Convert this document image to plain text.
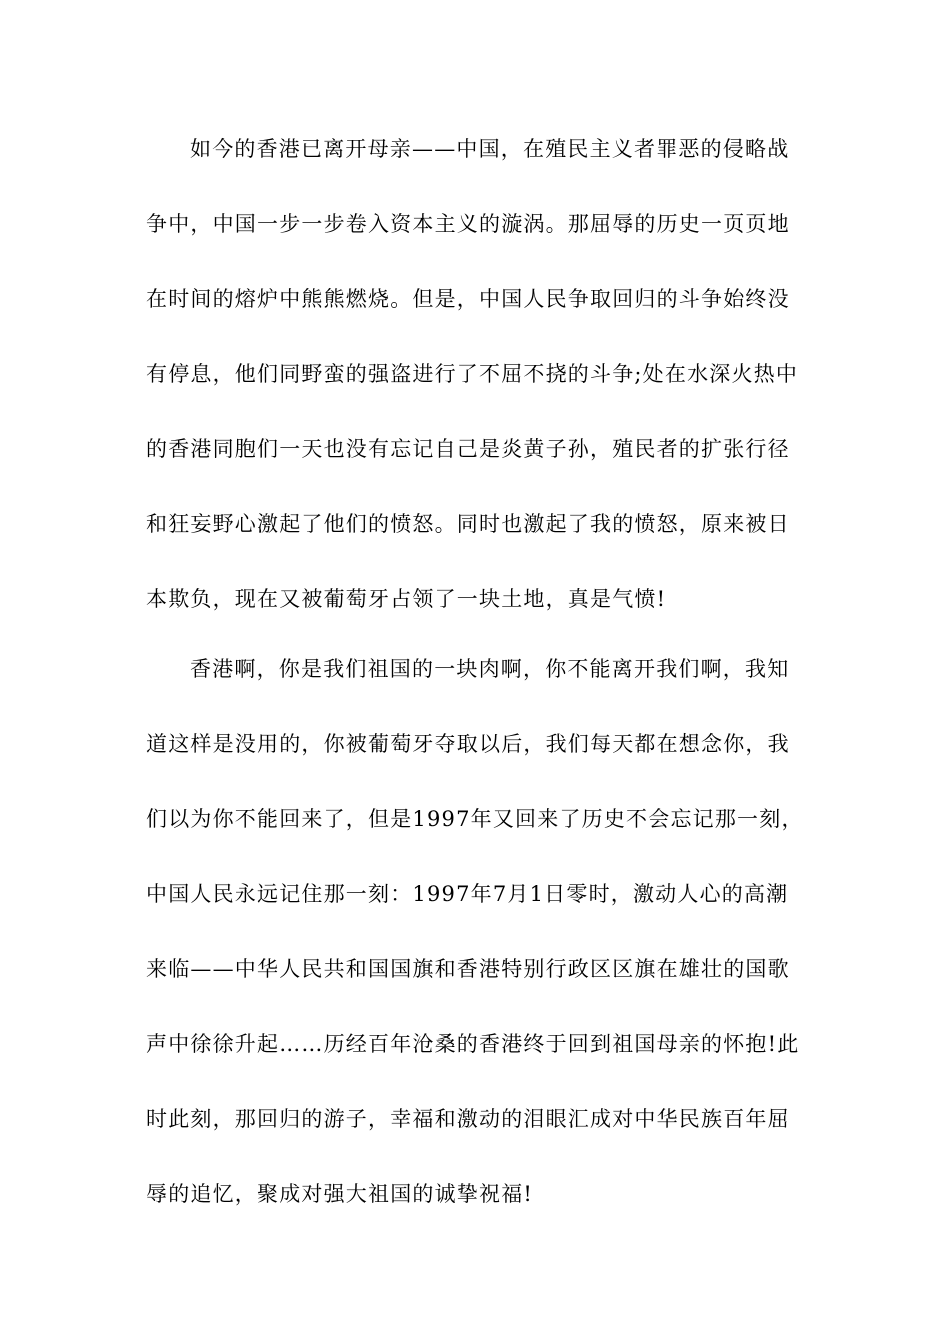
如今的香港已离开母亲——中国，在殖民主义者罪恶的侵略战
争中，中国一步一步卷入资本主义的漩涡。那屈辱的历史一页页地
在时间的熔炉中熊熊燃烧。但是，中国人民争取回归的斗争始终没
有停息，他们同野蛮的强盗进行了不屈不挠的斗争;处在水深火热中
的香港同胞们一天也没有忘记自己是炎黄子孙，殖民者的扩张行径
和狂妄野心激起了他们的愤怒。同时也激起了我的愤怒，原来被日
本欺负，现在又被葡萄牙占领了一块土地，真是气愤!
香港啊，你是我们祖国的一块肉啊，你不能离开我们啊，我知
道这样是没用的，你被葡萄牙夺取以后，我们每天都在想念你，我
们以为你不能回来了，但是1997年又回来了历史不会忘记那一刻，
中国人民永远记住那一刻：1997年7月1日零时，激动人心的高潮
来临——中华人民共和国国旗和香港特别行政区区旗在雄壮的国歌
声中徐徐升起……历经百年沧桑的香港终于回到祖国母亲的怀抱!此
时此刻，那回归的游子，幸福和激动的泪眼汇成对中华民族百年屈
辱的追忆，聚成对强大祖国的诚挚祝福!
